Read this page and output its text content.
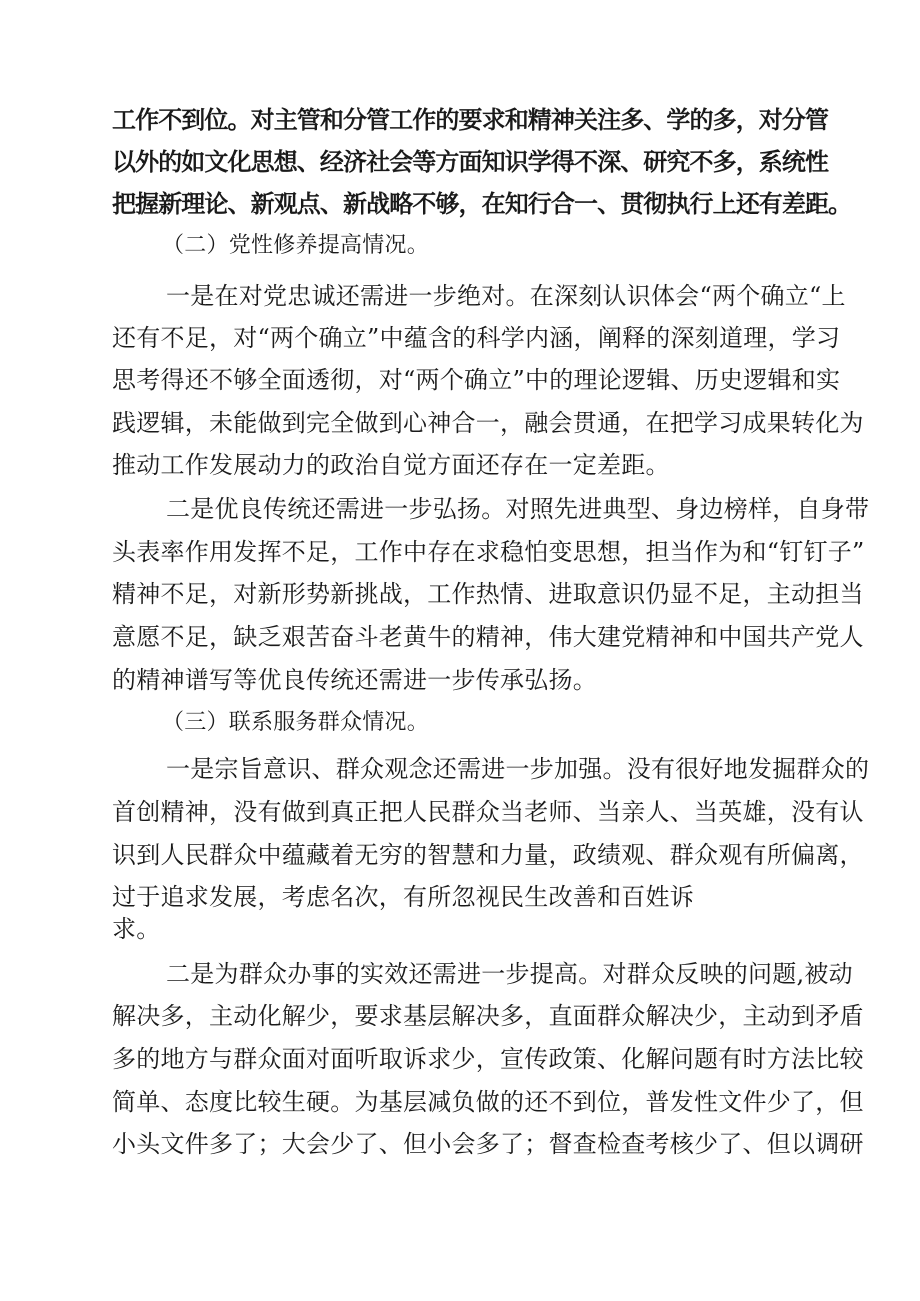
工作不到位。对主管和分管工作的要求和精神关注多、学的多，对分管
以外的如文化思想、经济社会等方面知识学得不深、研究不多，系统性
把握新理论、新观点、新战略不够，在知行合一、贯彻执行上还有差距。
（二）党性修养提高情况。
一是在对党忠诚还需进一步绝对。在深刻认识体会“两个确立“上
还有不足，对“两个确立”中蕴含的科学内涵，阐释的深刻道理，学习
思考得还不够全面透彻，对“两个确立”中的理论逻辑、历史逻辑和实
践逻辑，未能做到完全做到心神合一，融会贯通，在把学习成果转化为
推动工作发展动力的政治自觉方面还存在一定差距。
二是优良传统还需进一步弘扬。对照先进典型、身边榜样，自身带
头表率作用发挥不足，工作中存在求稳怕变思想，担当作为和“钉钉子”
精神不足，对新形势新挑战，工作热情、进取意识仍显不足，主动担当
意愿不足，缺乏艰苦奋斗老黄牛的精神，伟大建党精神和中国共产党人
的精神谱写等优良传统还需进一步传承弘扬。
（三）联系服务群众情况。
一是宗旨意识、群众观念还需进一步加强。没有很好地发掘群众的
首创精神，没有做到真正把人民群众当老师、当亲人、当英雄，没有认
识到人民群众中蕴藏着无穷的智慧和力量，政绩观、群众观有所偏离，
过于追求发展，考虑名次，有所忽视民生改善和百姓诉
求。
二是为群众办事的实效还需进一步提高。对群众反映的问题,被动
解决多，主动化解少，要求基层解决多，直面群众解决少，主动到矛盾
多的地方与群众面对面听取诉求少，宣传政策、化解问题有时方法比较
简单、态度比较生硬。为基层减负做的还不到位，普发性文件少了，但
小头文件多了；大会少了、但小会多了；督查检查考核少了、但以调研
